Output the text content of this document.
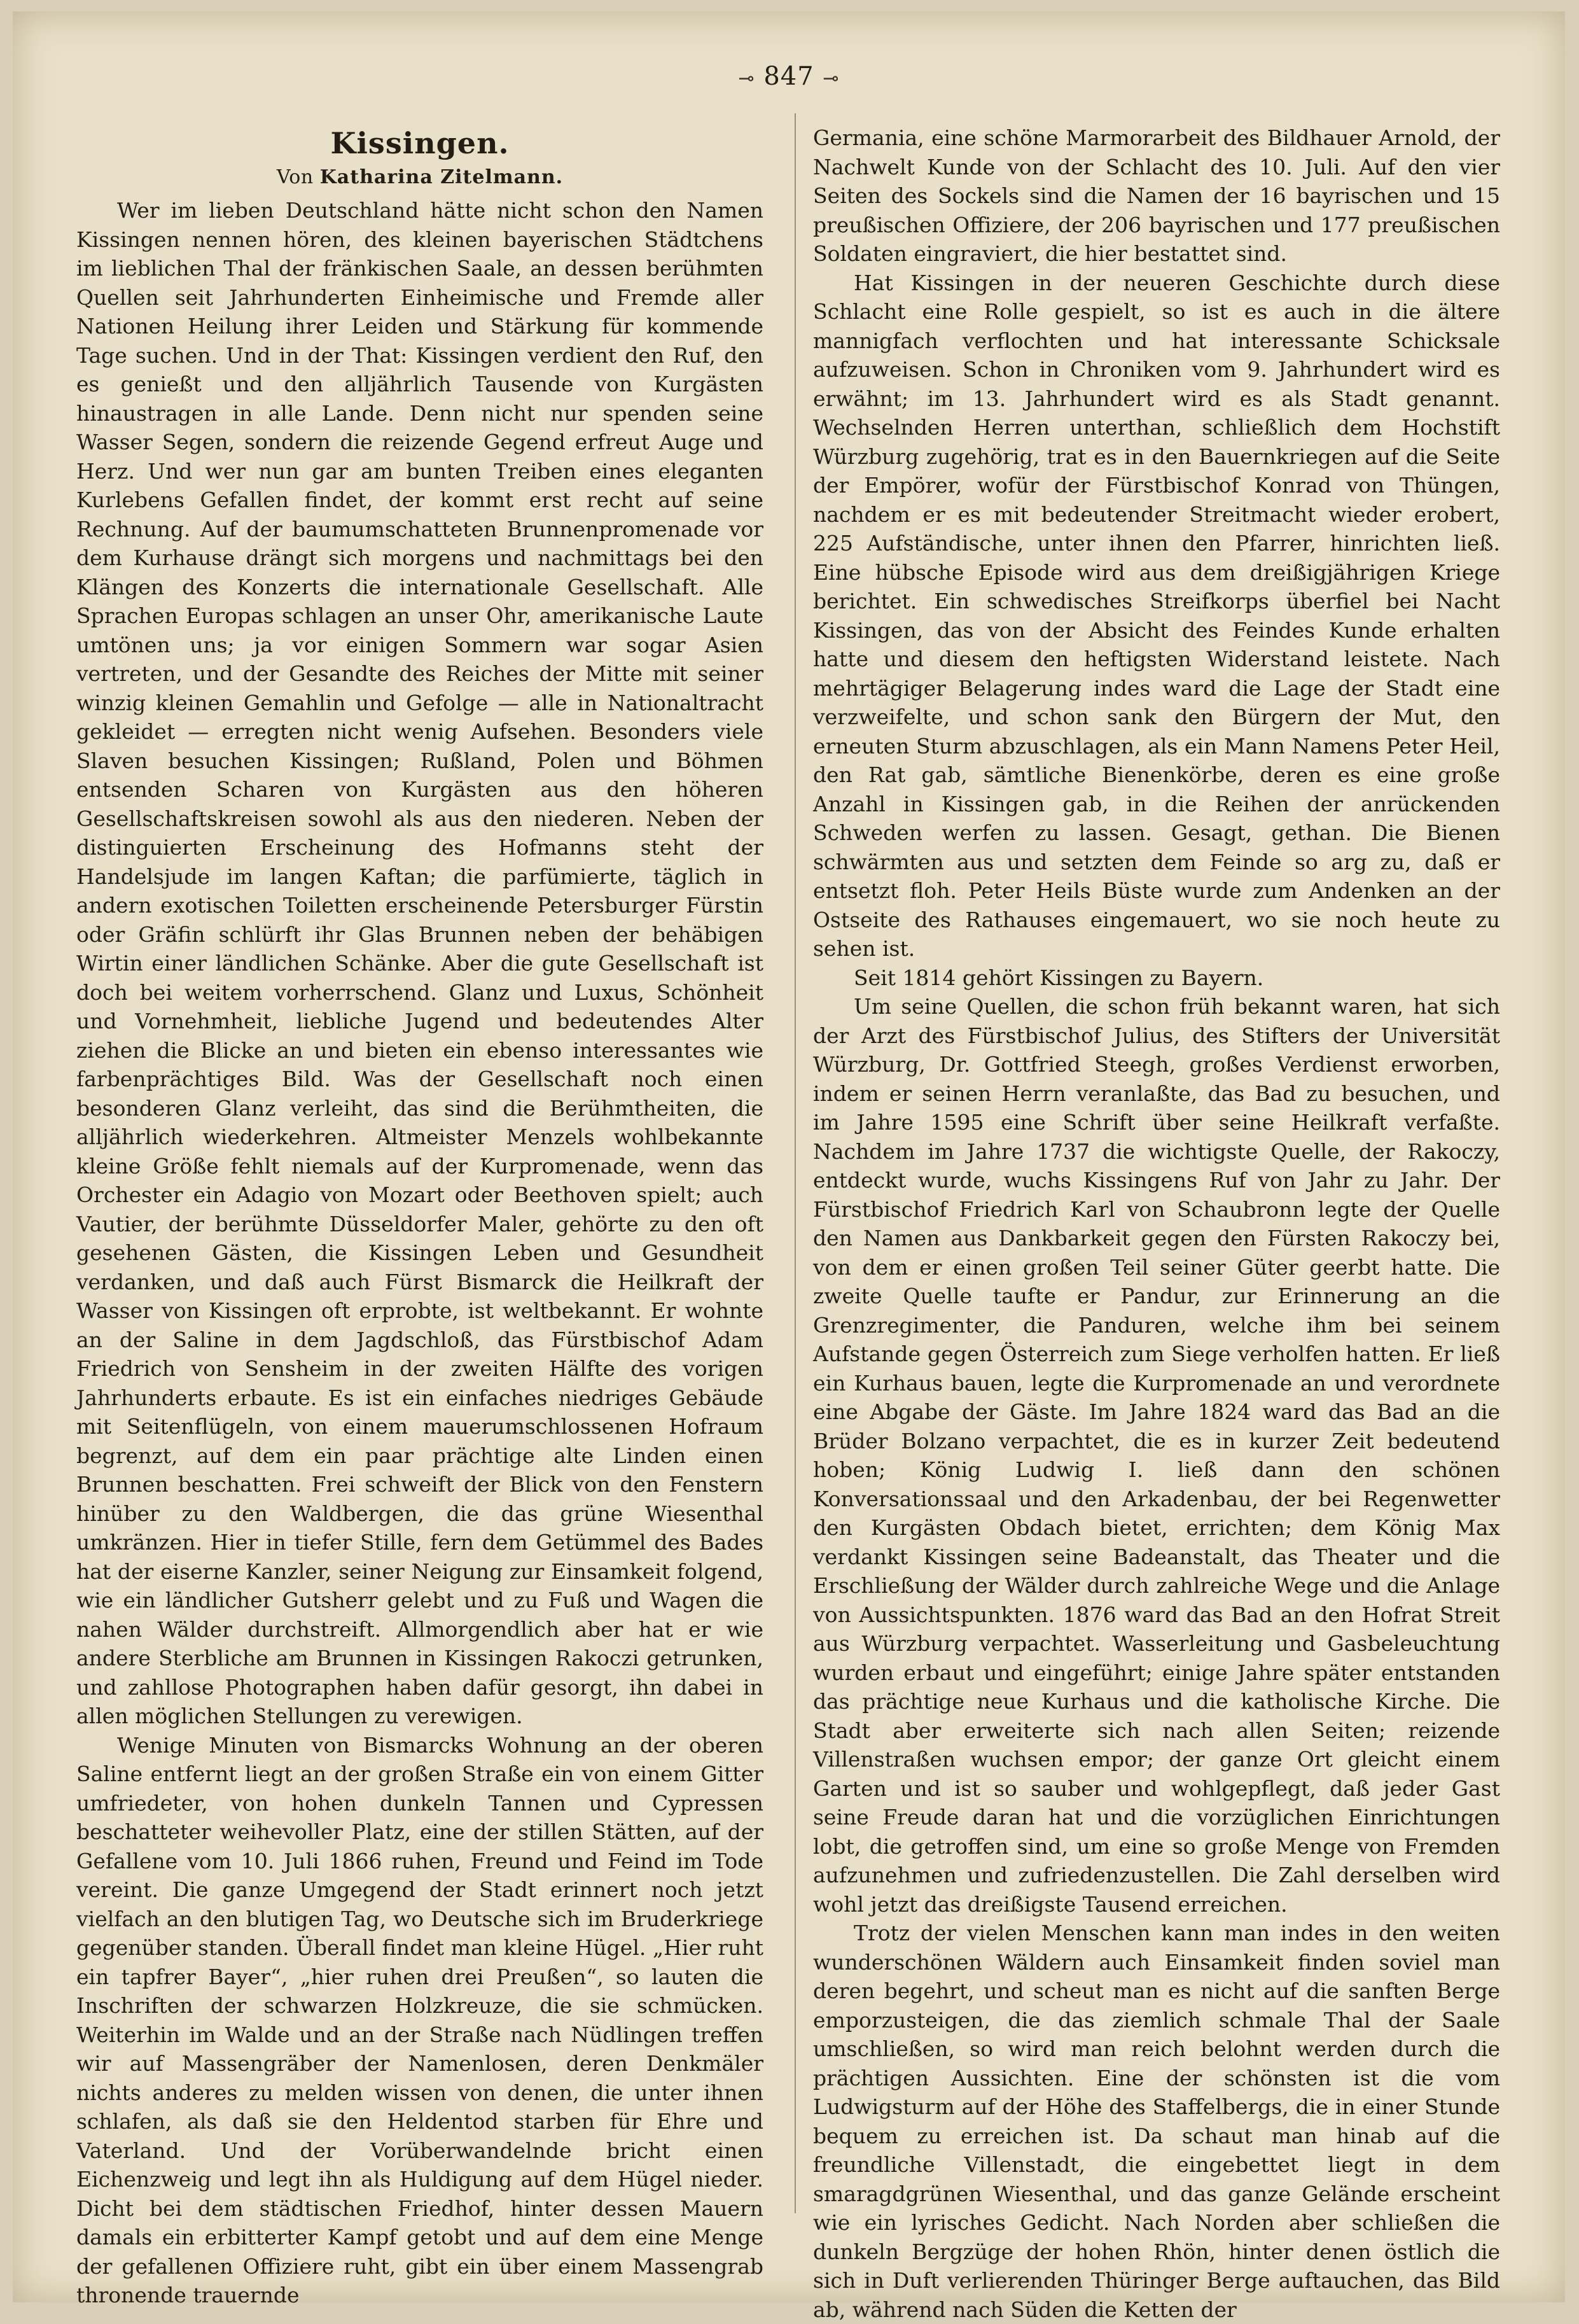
⊸ 847 ⊸
Kissingen.
Von Katharina Zitelmann.

Wer im lieben Deutschland hätte nicht schon den Namen Kissingen nennen hören, des kleinen bayerischen Städtchens im lieblichen Thal der fränkischen Saale, an dessen berühmten Quellen seit Jahrhunderten Einheimische und Fremde aller Nationen Heilung ihrer Leiden und Stärkung für kommende Tage suchen. Und in der That: Kissingen verdient den Ruf, den es genießt und den alljährlich Tausende von Kurgästen hinaustragen in alle Lande. Denn nicht nur spenden seine Wasser Segen, sondern die reizende Gegend erfreut Auge und Herz. Und wer nun gar am bunten Treiben eines eleganten Kurlebens Gefallen findet, der kommt erst recht auf seine Rechnung. Auf der baumumschatteten Brunnenpromenade vor dem Kurhause drängt sich morgens und nachmittags bei den Klängen des Konzerts die internationale Gesellschaft. Alle Sprachen Europas schlagen an unser Ohr, amerikanische Laute umtönen uns; ja vor einigen Sommern war sogar Asien vertreten, und der Gesandte des Reiches der Mitte mit seiner winzig kleinen Gemahlin und Gefolge — alle in Nationaltracht gekleidet — erregten nicht wenig Aufsehen. Besonders viele Slaven besuchen Kissingen; Rußland, Polen und Böhmen entsenden Scharen von Kurgästen aus den höheren Gesellschaftskreisen sowohl als aus den niederen. Neben der distinguierten Erscheinung des Hofmanns steht der Handelsjude im langen Kaftan; die parfümierte, täglich in andern exotischen Toiletten erscheinende Petersburger Fürstin oder Gräfin schlürft ihr Glas Brunnen neben der behäbigen Wirtin einer ländlichen Schänke. Aber die gute Gesellschaft ist doch bei weitem vorherrschend. Glanz und Luxus, Schönheit und Vornehmheit, liebliche Jugend und bedeutendes Alter ziehen die Blicke an und bieten ein ebenso interessantes wie farbenprächtiges Bild. Was der Gesellschaft noch einen besonderen Glanz verleiht, das sind die Berühmtheiten, die alljährlich wiederkehren. Altmeister Menzels wohlbekannte kleine Größe fehlt niemals auf der Kurpromenade, wenn das Orchester ein Adagio von Mozart oder Beethoven spielt; auch Vautier, der berühmte Düsseldorfer Maler, gehörte zu den oft gesehenen Gästen, die Kissingen Leben und Gesundheit verdanken, und daß auch Fürst Bismarck die Heilkraft der Wasser von Kissingen oft erprobte, ist weltbekannt. Er wohnte an der Saline in dem Jagdschloß, das Fürstbischof Adam Friedrich von Sensheim in der zweiten Hälfte des vorigen Jahrhunderts erbaute. Es ist ein einfaches niedriges Gebäude mit Seitenflügeln, von einem mauerumschlossenen Hofraum begrenzt, auf dem ein paar prächtige alte Linden einen Brunnen beschatten. Frei schweift der Blick von den Fenstern hinüber zu den Waldbergen, die das grüne Wiesenthal umkränzen. Hier in tiefer Stille, fern dem Getümmel des Bades hat der eiserne Kanzler, seiner Neigung zur Einsamkeit folgend, wie ein ländlicher Gutsherr gelebt und zu Fuß und Wagen die nahen Wälder durchstreift. Allmorgendlich aber hat er wie andere Sterbliche am Brunnen in Kissingen Rakoczi getrunken, und zahllose Photographen haben dafür gesorgt, ihn dabei in allen möglichen Stellungen zu verewigen.

Wenige Minuten von Bismarcks Wohnung an der oberen Saline entfernt liegt an der großen Straße ein von einem Gitter umfriedeter, von hohen dunkeln Tannen und Cypressen beschatteter weihevoller Platz, eine der stillen Stätten, auf der Gefallene vom 10. Juli 1866 ruhen, Freund und Feind im Tode vereint. Die ganze Umgegend der Stadt erinnert noch jetzt vielfach an den blutigen Tag, wo Deutsche sich im Bruderkriege gegenüber standen. Überall findet man kleine Hügel. „Hier ruht ein tapfrer Bayer“, „hier ruhen drei Preußen“, so lauten die Inschriften der schwarzen Holzkreuze, die sie schmücken. Weiterhin im Walde und an der Straße nach Nüdlingen treffen wir auf Massengräber der Namenlosen, deren Denkmäler nichts anderes zu melden wissen von denen, die unter ihnen schlafen, als daß sie den Heldentod starben für Ehre und Vaterland. Und der Vorüberwandelnde bricht einen Eichenzweig und legt ihn als Huldigung auf dem Hügel nieder. Dicht bei dem städtischen Friedhof, hinter dessen Mauern damals ein erbitterter Kampf getobt und auf dem eine Menge der gefallenen Offiziere ruht, gibt ein über einem Massengrab thronende trauernde

Germania, eine schöne Marmorarbeit des Bildhauer Arnold, der Nachwelt Kunde von der Schlacht des 10. Juli. Auf den vier Seiten des Sockels sind die Namen der 16 bayrischen und 15 preußischen Offiziere, der 206 bayrischen und 177 preußischen Soldaten eingraviert, die hier bestattet sind.

Hat Kissingen in der neueren Geschichte durch diese Schlacht eine Rolle gespielt, so ist es auch in die ältere mannigfach verflochten und hat interessante Schicksale aufzuweisen. Schon in Chroniken vom 9. Jahrhundert wird es erwähnt; im 13. Jahrhundert wird es als Stadt genannt. Wechselnden Herren unterthan, schließlich dem Hochstift Würzburg zugehörig, trat es in den Bauernkriegen auf die Seite der Empörer, wofür der Fürstbischof Konrad von Thüngen, nachdem er es mit bedeutender Streitmacht wieder erobert, 225 Aufständische, unter ihnen den Pfarrer, hinrichten ließ. Eine hübsche Episode wird aus dem dreißigjährigen Kriege berichtet. Ein schwedisches Streifkorps überfiel bei Nacht Kissingen, das von der Absicht des Feindes Kunde erhalten hatte und diesem den heftigsten Widerstand leistete. Nach mehrtägiger Belagerung indes ward die Lage der Stadt eine verzweifelte, und schon sank den Bürgern der Mut, den erneuten Sturm abzuschlagen, als ein Mann Namens Peter Heil, den Rat gab, sämtliche Bienenkörbe, deren es eine große Anzahl in Kissingen gab, in die Reihen der anrückenden Schweden werfen zu lassen. Gesagt, gethan. Die Bienen schwärmten aus und setzten dem Feinde so arg zu, daß er entsetzt floh. Peter Heils Büste wurde zum Andenken an der Ostseite des Rathauses eingemauert, wo sie noch heute zu sehen ist.

Seit 1814 gehört Kissingen zu Bayern.

Um seine Quellen, die schon früh bekannt waren, hat sich der Arzt des Fürstbischof Julius, des Stifters der Universität Würzburg, Dr. Gottfried Steegh, großes Verdienst erworben, indem er seinen Herrn veranlaßte, das Bad zu besuchen, und im Jahre 1595 eine Schrift über seine Heilkraft verfaßte. Nachdem im Jahre 1737 die wichtigste Quelle, der Rakoczy, entdeckt wurde, wuchs Kissingens Ruf von Jahr zu Jahr. Der Fürstbischof Friedrich Karl von Schaubronn legte der Quelle den Namen aus Dankbarkeit gegen den Fürsten Rakoczy bei, von dem er einen großen Teil seiner Güter geerbt hatte. Die zweite Quelle taufte er Pandur, zur Erinnerung an die Grenzregimenter, die Panduren, welche ihm bei seinem Aufstande gegen Österreich zum Siege verholfen hatten. Er ließ ein Kurhaus bauen, legte die Kurpromenade an und verordnete eine Abgabe der Gäste. Im Jahre 1824 ward das Bad an die Brüder Bolzano verpachtet, die es in kurzer Zeit bedeutend hoben; König Ludwig I. ließ dann den schönen Konversationssaal und den Arkadenbau, der bei Regenwetter den Kurgästen Obdach bietet, errichten; dem König Max verdankt Kissingen seine Badeanstalt, das Theater und die Erschließung der Wälder durch zahlreiche Wege und die Anlage von Aussichtspunkten. 1876 ward das Bad an den Hofrat Streit aus Würzburg verpachtet. Wasserleitung und Gasbeleuchtung wurden erbaut und eingeführt; einige Jahre später entstanden das prächtige neue Kurhaus und die katholische Kirche. Die Stadt aber erweiterte sich nach allen Seiten; reizende Villenstraßen wuchsen empor; der ganze Ort gleicht einem Garten und ist so sauber und wohlgepflegt, daß jeder Gast seine Freude daran hat und die vorzüglichen Einrichtungen lobt, die getroffen sind, um eine so große Menge von Fremden aufzunehmen und zufriedenzustellen. Die Zahl derselben wird wohl jetzt das dreißigste Tausend erreichen.

Trotz der vielen Menschen kann man indes in den weiten wunderschönen Wäldern auch Einsamkeit finden soviel man deren begehrt, und scheut man es nicht auf die sanften Berge emporzusteigen, die das ziemlich schmale Thal der Saale umschließen, so wird man reich belohnt werden durch die prächtigen Aussichten. Eine der schönsten ist die vom Ludwigsturm auf der Höhe des Staffelbergs, die in einer Stunde bequem zu erreichen ist. Da schaut man hinab auf die freundliche Villenstadt, die eingebettet liegt in dem smaragdgrünen Wiesenthal, und das ganze Gelände erscheint wie ein lyrisches Gedicht. Nach Norden aber schließen die dunkeln Bergzüge der hohen Rhön, hinter denen östlich die sich in Duft verlierenden Thüringer Berge auftauchen, das Bild ab, während nach Süden die Ketten der
